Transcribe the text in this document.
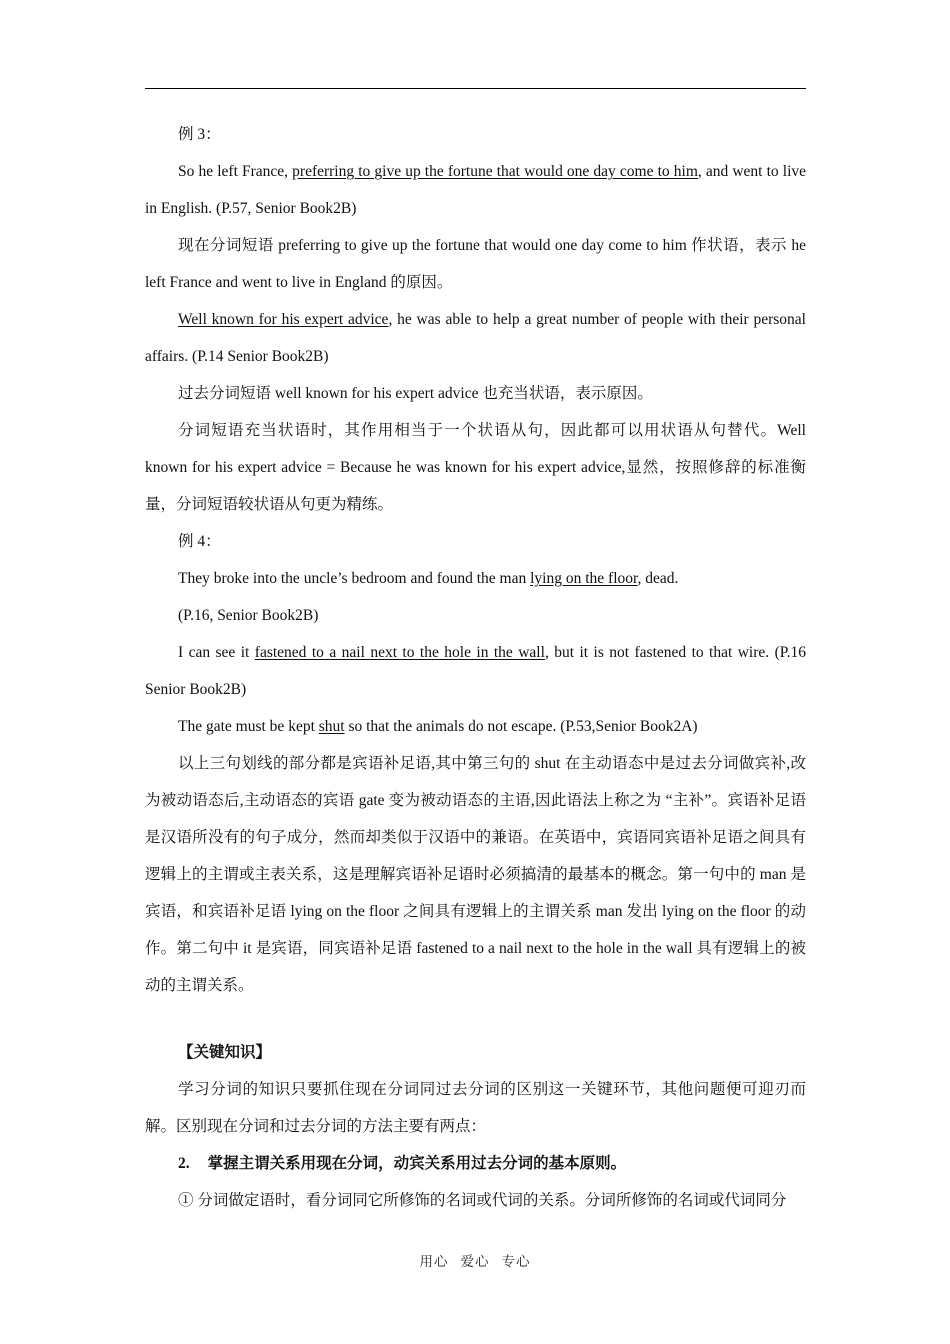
例 3：

So he left France, preferring to give up the fortune that would one day come to him, and went to live in English. (P.57, Senior Book2B)

现在分词短语 preferring to give up the fortune that would one day come to him 作状语，表示 he left France and went to live in England 的原因。

Well known for his expert advice, he was able to help a great number of people with their personal affairs. (P.14 Senior Book2B)

过去分词短语 well known for his expert advice 也充当状语，表示原因。

分词短语充当状语时，其作用相当于一个状语从句，因此都可以用状语从句替代。Well known for his expert advice = Because he was known for his expert advice,显然，按照修辞的标准衡量，分词短语较状语从句更为精练。

例 4：

They broke into the uncle’s bedroom and found the man lying on the floor, dead.

(P.16, Senior Book2B)

I can see it fastened to a nail next to the hole in the wall, but it is not fastened to that wire. (P.16 Senior Book2B)

The gate must be kept shut so that the animals do not escape. (P.53,Senior Book2A)

以上三句划线的部分都是宾语补足语,其中第三句的 shut 在主动语态中是过去分词做宾补,改为被动语态后,主动语态的宾语 gate 变为被动语态的主语,因此语法上称之为 “主补”。宾语补足语是汉语所没有的句子成分，然而却类似于汉语中的兼语。在英语中，宾语同宾语补足语之间具有逻辑上的主谓或主表关系，这是理解宾语补足语时必须搞清的最基本的概念。第一句中的 man 是宾语，和宾语补足语 lying on the floor 之间具有逻辑上的主谓关系 man 发出 lying on the floor 的动作。第二句中 it 是宾语，同宾语补足语 fastened to a nail next to the hole in the wall 具有逻辑上的被动的主谓关系。

【关键知识】

学习分词的知识只要抓住现在分词同过去分词的区别这一关键环节，其他问题便可迎刃而解。区别现在分词和过去分词的方法主要有两点：

2. 掌握主谓关系用现在分词，动宾关系用过去分词的基本原则。

① 分词做定语时，看分词同它所修饰的名词或代词的关系。分词所修饰的名词或代词同分

用心 爱心 专心
